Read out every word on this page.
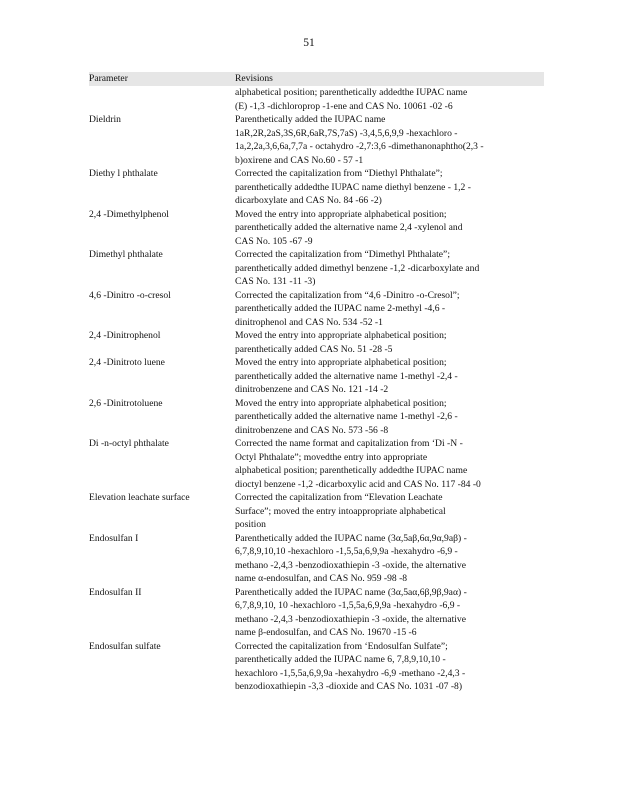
51
Parameter	Revisions
alphabetical position; parenthetically addedthe IUPAC name
(E) -1,3 -dichloroprop -1-ene and CAS No. 10061 -02 -6
Dieldrin	Parenthetically added the IUPAC name
1aR,2R,2aS,3S,6R,6aR,7S,7aS) -3,4,5,6,9,9 -hexachloro -
1a,2,2a,3,6,6a,7,7a - octahydro -2,7:3,6 -dimethanonaphtho(2,3 -
b)oxirene and CAS No.60 - 57 -1
Diethy l phthalate	Corrected the capitalization from “Diethyl Phthalate”;
parenthetically addedthe IUPAC name diethyl benzene - 1,2 -
dicarboxylate and CAS No. 84 -66 -2)
2,4 -Dimethylphenol	Moved the entry into appropriate alphabetical position;
parenthetically added the alternative name 2,4 -xylenol and
CAS No. 105 -67 -9
Dimethyl phthalate	Corrected the capitalization from “Dimethyl Phthalate”;
parenthetically added dimethyl benzene -1,2 -dicarboxylate and
CAS No. 131 -11 -3)
4,6 -Dinitro -o-cresol	Corrected the capitalization from “4,6 -Dinitro -o-Cresol”;
parenthetically added the IUPAC name 2-methyl -4,6 -
dinitrophenol and CAS No. 534 -52 -1
2,4 -Dinitrophenol	Moved the entry into appropriate alphabetical position;
parenthetically added CAS No. 51 -28 -5
2,4 -Dinitroto luene	Moved the entry into appropriate alphabetical position;
parenthetically added the alternative name 1-methyl -2,4 -
dinitrobenzene and CAS No. 121 -14 -2
2,6 -Dinitrotoluene	Moved the entry into appropriate alphabetical position;
parenthetically added the alternative name 1-methyl -2,6 -
dinitrobenzene and CAS No. 573 -56 -8
Di -n-octyl phthalate	Corrected the name format and capitalization from ‘Di -N -
Octyl Phthalate”; movedthe entry into appropriate
alphabetical position; parenthetically addedthe IUPAC name
dioctyl benzene -1,2 -dicarboxylic acid and CAS No. 117 -84 -0
Elevation leachate surface	Corrected the capitalization from “Elevation Leachate
Surface”; moved the entry intoappropriate alphabetical
position
Endosulfan I	Parenthetically added the IUPAC name (3α,5aβ,6α,9α,9aβ) -
6,7,8,9,10,10 -hexachloro -1,5,5a,6,9,9a -hexahydro -6,9 -
methano -2,4,3 -benzodioxathiepin -3 -oxide, the alternative
name α-endosulfan, and CAS No. 959 -98 -8
Endosulfan II	Parenthetically added the IUPAC name (3α,5aα,6β,9β,9aα) -
6,7,8,9,10, 10 -hexachloro -1,5,5a,6,9,9a -hexahydro -6,9 -
methano -2,4,3 -benzodioxathiepin -3 -oxide, the alternative
name β-endosulfan, and CAS No. 19670 -15 -6
Endosulfan sulfate	Corrected the capitalization from ‘Endosulfan Sulfate”;
parenthetically added the IUPAC name 6, 7,8,9,10,10 -
hexachloro -1,5,5a,6,9,9a -hexahydro -6,9 -methano -2,4,3 -
benzodioxathiepin -3,3 -dioxide and CAS No. 1031 -07 -8)
